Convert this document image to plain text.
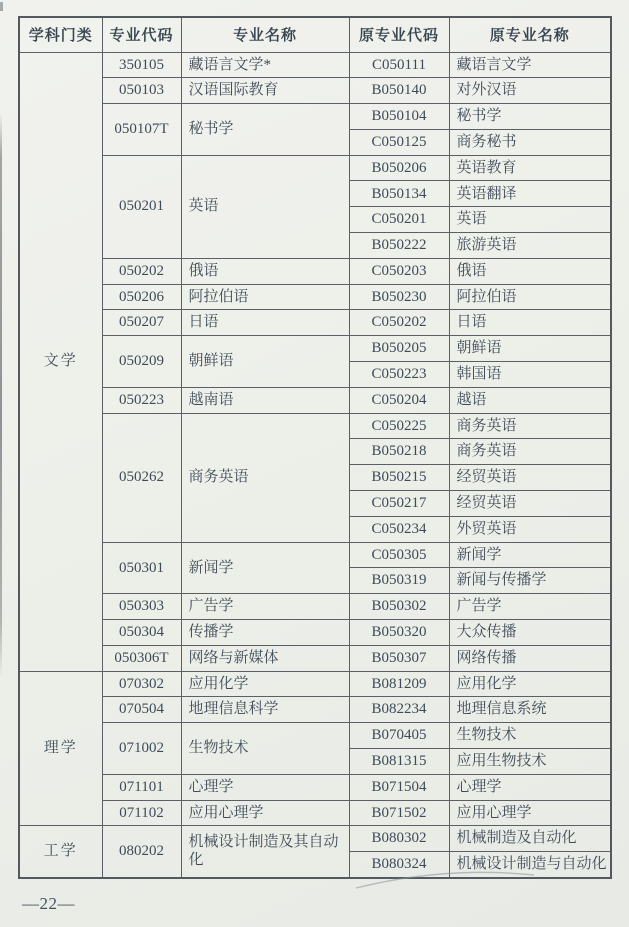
学科门类	专业代码	专业名称	原专业代码	原专业名称
文学	350105	藏语言文学*	C050111	藏语言文学
	050103	汉语国际教育	B050140	对外汉语
	050107T	秘书学	B050104	秘书学
			C050125	商务秘书
	050201	英语	B050206	英语教育
			B050134	英语翻译
			C050201	英语
			B050222	旅游英语
	050202	俄语	C050203	俄语
	050206	阿拉伯语	B050230	阿拉伯语
	050207	日语	C050202	日语
	050209	朝鲜语	B050205	朝鲜语
			C050223	韩国语
	050223	越南语	C050204	越语
	050262	商务英语	C050225	商务英语
			B050218	商务英语
			B050215	经贸英语
			C050217	经贸英语
			C050234	外贸英语
	050301	新闻学	C050305	新闻学
			B050319	新闻与传播学
	050303	广告学	B050302	广告学
	050304	传播学	B050320	大众传播
	050306T	网络与新媒体	B050307	网络传播
理学	070302	应用化学	B081209	应用化学
	070504	地理信息科学	B082234	地理信息系统
	071002	生物技术	B070405	生物技术
			B081315	应用生物技术
	071101	心理学	B071504	心理学
	071102	应用心理学	B071502	应用心理学
工学	080202	机械设计制造及其自动化	B080302	机械制造及自动化
			B080324	机械设计制造与自动化
—22—
